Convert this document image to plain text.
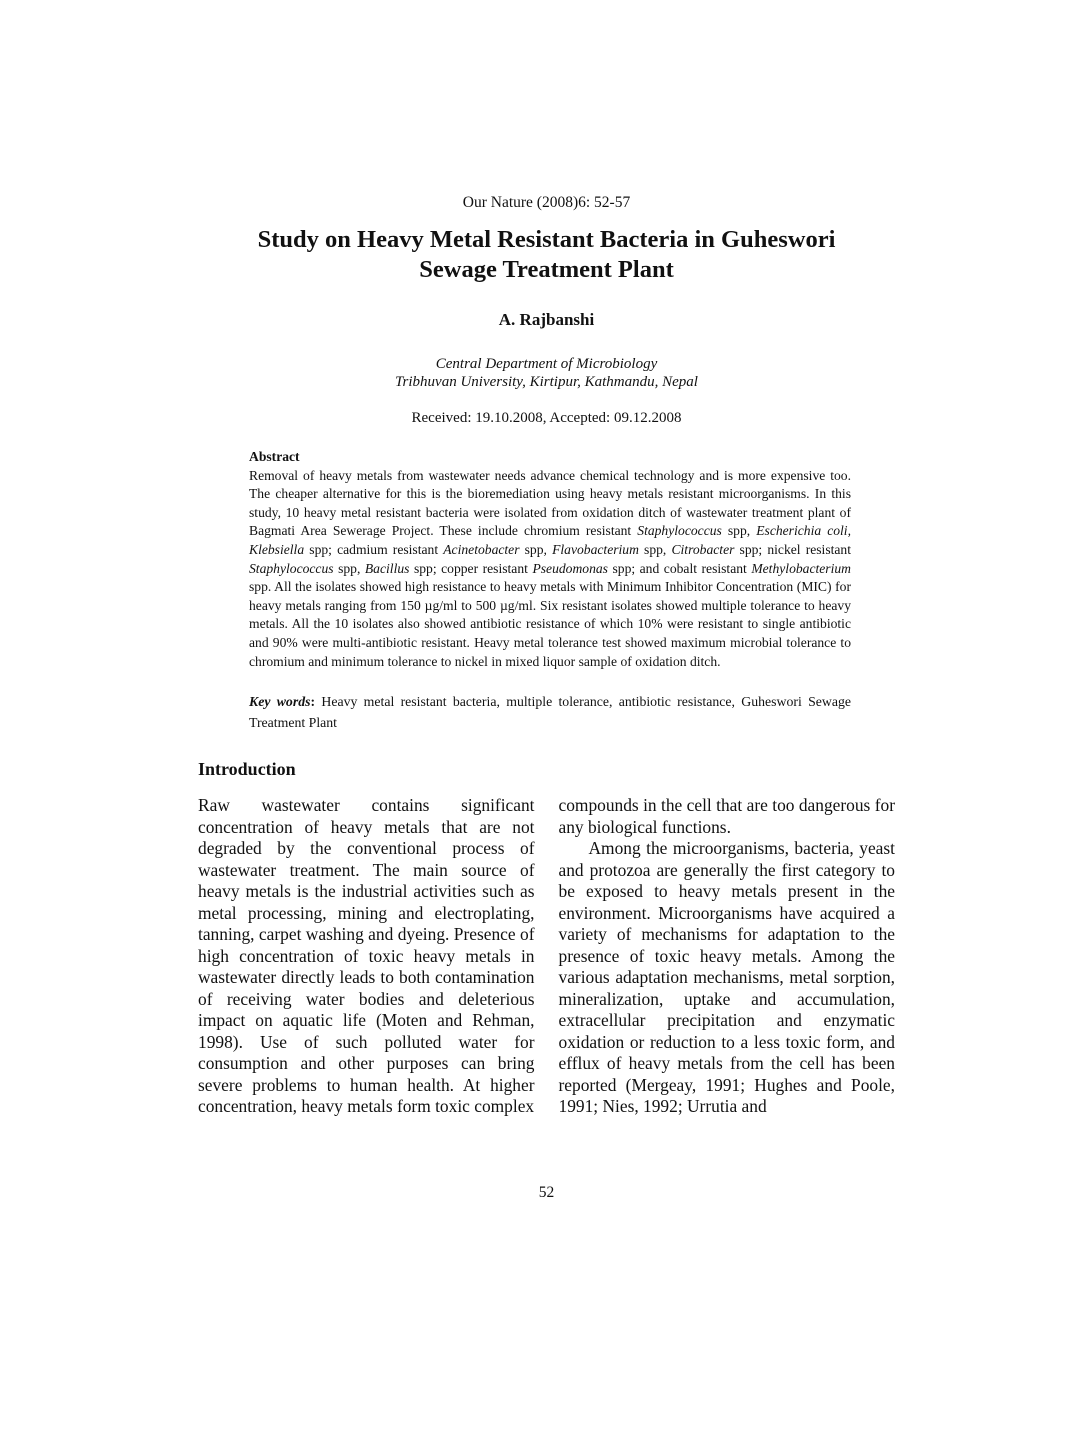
Our Nature (2008)6: 52-57

Study on Heavy Metal Resistant Bacteria in Guheswori
Sewage Treatment Plant
A. Rajbanshi
Central Department of Microbiology
Tribhuvan University, Kirtipur, Kathmandu, Nepal
Received: 19.10.2008, Accepted: 09.12.2008
Abstract

Removal of heavy metals from wastewater needs advance chemical technology and is more expensive too. The cheaper alternative for this is the bioremediation using heavy metals resistant microorganisms. In this study, 10 heavy metal resistant bacteria were isolated from oxidation ditch of wastewater treatment plant of Bagmati Area Sewerage Project. These include chromium resistant Staphylococcus spp, Escherichia coli, Klebsiella spp; cadmium resistant Acinetobacter spp, Flavobacterium spp, Citrobacter spp; nickel resistant Staphylococcus spp, Bacillus spp; copper resistant Pseudomonas spp; and cobalt resistant Methylobacterium spp. All the isolates showed high resistance to heavy metals with Minimum Inhibitor Concentration (MIC) for heavy metals ranging from 150 µg/ml to 500 µg/ml. Six resistant isolates showed multiple tolerance to heavy metals. All the 10 isolates also showed antibiotic resistance of which 10% were resistant to single antibiotic and 90% were multi-antibiotic resistant. Heavy metal tolerance test showed maximum microbial tolerance to chromium and minimum tolerance to nickel in mixed liquor sample of oxidation ditch.

Key words: Heavy metal resistant bacteria, multiple tolerance, antibiotic resistance, Guheswori Sewage Treatment Plant

Introduction

Raw wastewater contains significant concentration of heavy metals that are not degraded by the conventional process of wastewater treatment. The main source of heavy metals is the industrial activities such as metal processing, mining and electroplating, tanning, carpet washing and dyeing. Presence of high concentration of toxic heavy metals in wastewater directly leads to both contamination of receiving water bodies and deleterious impact on aquatic life (Moten and Rehman, 1998). Use of such polluted water for consumption and other purposes can bring severe problems to human health. At higher concentration, heavy metals form toxic complex

compounds in the cell that are too dangerous for any biological functions.

Among the microorganisms, bacteria, yeast and protozoa are generally the first category to be exposed to heavy metals present in the environment. Microorganisms have acquired a variety of mechanisms for adaptation to the presence of toxic heavy metals. Among the various adaptation mechanisms, metal sorption, mineralization, uptake and accumulation, extracellular precipitation and enzymatic oxidation or reduction to a less toxic form, and efflux of heavy metals from the cell has been reported (Mergeay, 1991; Hughes and Poole, 1991; Nies, 1992; Urrutia and

52
